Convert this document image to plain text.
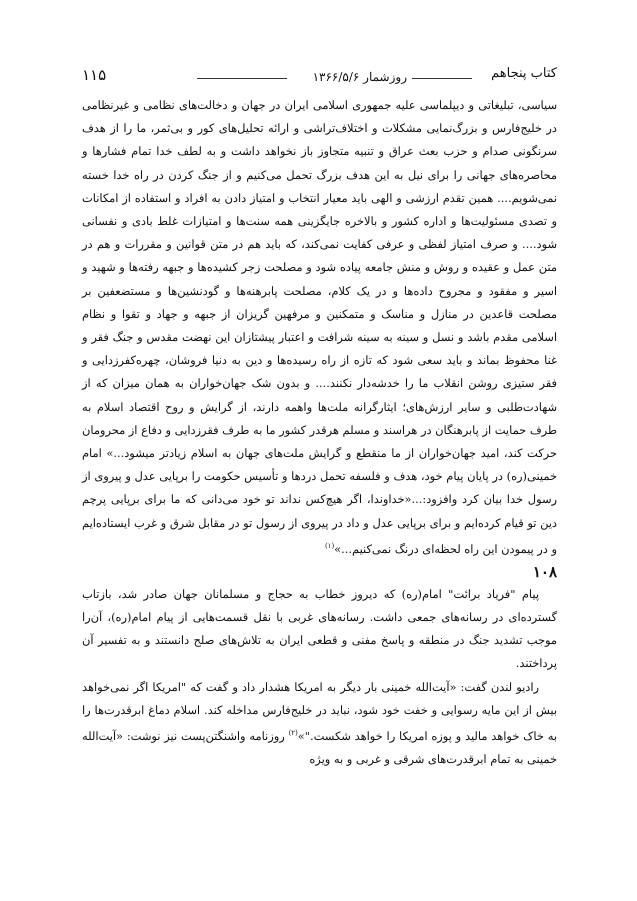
کتاب پنجاهم
روزشمار ۱۳۶۶/۵/۶
۱۱۵

سیاسی، تبلیغاتی و دیپلماسی علیه جمهوری اسلامی ایران در جهان و دخالت‌های نظامی و غیرنظامی در خلیج‌فارس و بزرگ‌نمایی مشکلات و اختلاف‌تراشی و ارائه تحلیل‌های کور و بی‌ثمر، ما را از هدف سرنگونی صدام و حزب بعث عراق و تنبیه متجاوز باز نخواهد داشت و به لطف خدا تمام فشارها و محاصره‌های جهانی را برای نیل به این هدف بزرگ تحمل می‌کنیم و از جنگ کردن در راه خدا خسته نمی‌شویم.... همین تقدم ارزشی و الهی باید معیار انتخاب و امتیاز دادن به افراد و استفاده از امکانات و تصدی مسئولیت‌ها و اداره کشور و بالاخره جایگزینی همه سنت‌ها و امتیازات غلط بادی و نفسانی شود.... و صرف امتیاز لفظی و عرفی کفایت نمی‌کند، که باید هم در متن قوانین و مقررات و هم در متن عمل و عقیده و روش و منش جامعه پیاده شود و مصلحت زجر کشیده‌ها و جبهه رفته‌ها و شهید و اسیر و مفقود و مجروح داده‌ها و در یک کلام، مصلحت پابرهنه‌ها و گودنشین‌ها و مستضعفین بر مصلحت قاعدین در منازل و مناسک و متمکنین و مرفهین گریزان از جبهه و جهاد و تقوا و نظام اسلامی مقدم باشد و نسل و سینه به سینه شرافت و اعتبار پیشتازان این نهضت مقدس و جنگ فقر و غنا محفوظ بماند و باید سعی شود که تازه از راه رسیده‌ها و دین به دنیا فروشان، چهره‌کفرزدایی و فقر ستیزی روشن انقلاب ما را خدشه‌دار نکنند.... و بدون شک جهان‌خواران به همان میزان که از شهادت‌طلبی و سایر ارزش‌های؛ ایثارگرانه ملت‌ها واهمه دارند، از گرایش و روح اقتصاد اسلام به طرف حمایت از پابرهنگان در هراسند و مسلم هرقدر کشور ما به طرف فقرزدایی و دفاع از محرومان حرکت کند، امید جهان‌خواران از ما منقطع و گرایش ملت‌های جهان به اسلام زیادتر میشود...» امام خمینی(ره) در پایان پیام خود، هدف و فلسفه تحمل دردها و تأسیس حکومت را برپایی عدل و پیروی از رسول خدا بیان کرد وافزود:...«خداوندا، اگر هیچ‌کس نداند تو خود می‌دانی که ما برای برپایی پرچم دین تو قیام کرده‌ایم و برای برپایی عدل و داد در پیروی از رسول تو در مقابل شرق و غرب ایستاده‌ایم و در پیمودن این راه لحظه‌ای درنگ نمی‌کنیم...»$^{(۱)}$

۱۰۸

پیام "فریاد برائت" امام(ره) که دیروز خطاب به حجاج و مسلمانان جهان صادر شد، بازتاب گسترده‌ای در رسانه‌های جمعی داشت. رسانه‌های غربی با نقل قسمت‌هایی از پیام امام(ره)، آن‌را موجب تشدید جنگ در منطقه و پاسخ مفنی و قطعی ایران به تلاش‌های صلح دانستند و به تفسیر آن پرداختند.

رادیو لندن گفت: «آیت‌الله خمینی بار دیگر به امریکا هشدار داد و گفت که "امریکا اگر نمی‌خواهد بیش از این مایه رسوایی و خفت خود شود، نباید در خلیج‌فارس مداخله کند. اسلام دماغ ابرقدرت‌ها را به خاک خواهد مالید و پوزه امریکا را خواهد شکست."»$^{(۲)}$ روزنامه واشنگتن‌پست نیز نوشت: «آیت‌الله خمینی به تمام ابرقدرت‌های شرقی و غربی و به ویژه
